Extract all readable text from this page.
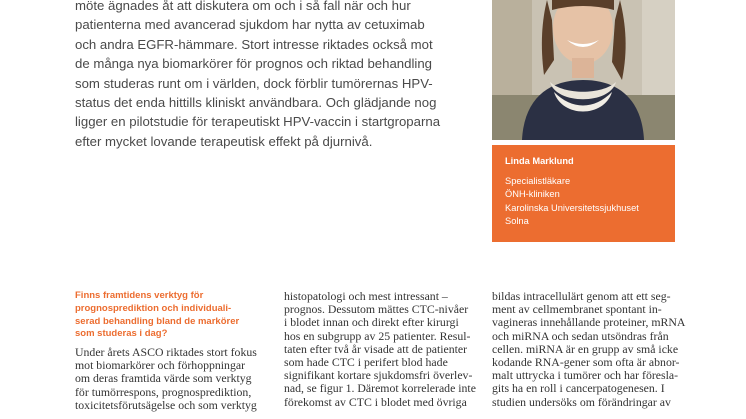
möte ägnades åt att diskutera om och i så fall när och hur
patienterna med avancerad sjukdom har nytta av cetuximab
och andra EGFR-hämmare. Stort intresse riktades också mot
de många nya biomarkörer för prognos och riktad behandling
som studeras runt om i världen, dock förblir tumörernas HPV-
status det enda hittills kliniskt användbara. Och glädjande nog
ligger en pilotstudie för terapeutiskt HPV-vaccin i startgroparna
efter mycket lovande terapeutisk effekt på djurnivå.
Linda Marklund
Specialistläkare
ÖNH-kliniken
Karolinska Universitetssjukhuset
Solna
Finns framtidens verktyg för
prognosprediktion och individuali-
serad behandling bland de markörer
som studeras i dag?
Under årets ASCO riktades stort fokus
mot biomarkörer och förhoppningar
om deras framtida värde som verktyg
för tumörrespons, prognosprediktion,
toxicitetsförutsägelse och som verktyg
histopatologi och mest intressant –
prognos. Dessutom mättes CTC-nivåer
i blodet innan och direkt efter kirurgi
hos en subgrupp av 25 patienter. Resul-
taten efter två år visade att de patienter
som hade CTC i perifert blod hade
signifikant kortare sjukdomsfri överlev-
nad, se figur 1. Däremot korrelerade inte
förekomst av CTC i blodet med övriga
bildas intracellulärt genom att ett seg-
ment av cellmembranet spontant in-
vagineras innehållande proteiner, mRNA
och miRNA och sedan utsöndras från
cellen. miRNA är en grupp av små icke
kodande RNA-gener som ofta är abnor-
malt uttrycka i tumörer och har föresla-
gits ha en roll i cancerpatogenesen. I
studien undersöks om förändringar av
